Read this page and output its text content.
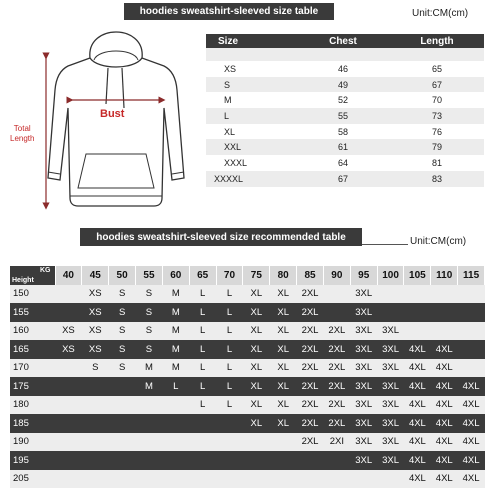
hoodies sweatshirt-sleeved size table	Unit:CM(cm)
Bust
Total
Length
Size	Chest	Length

XS	46	65
S	49	67
M	52	70
L	55	73
XL	58	76
XXL	61	79
XXXL	64	81
XXXXL	67	83
hoodies sweatshirt-sleeved size recommended table	Unit:CM(cm)
KG
Height	40	45	50	55	60	65	70	75	80	85	90	95	100	105	110	115
150		XS	S	S	M	L	L	XL	XL	2XL		3XL				
155		XS	S	S	M	L	L	XL	XL	2XL		3XL				
160	XS	XS	S	S	M	L	L	XL	XL	2XL	2XL	3XL	3XL			
165	XS	XS	S	S	M	L	L	XL	XL	2XL	2XL	3XL	3XL	4XL	4XL	
170		S	S	M	M	L	L	XL	XL	2XL	2XL	3XL	3XL	4XL	4XL	
175				M	L	L	L	XL	XL	2XL	2XL	3XL	3XL	4XL	4XL	4XL
180						L	L	XL	XL	2XL	2XL	3XL	3XL	4XL	4XL	4XL
185								XL	XL	2XL	2XL	3XL	3XL	4XL	4XL	4XL
190										2XL	2XI	3XL	3XL	4XL	4XL	4XL
195												3XL	3XL	4XL	4XL	4XL
205														4XL	4XL	4XL
